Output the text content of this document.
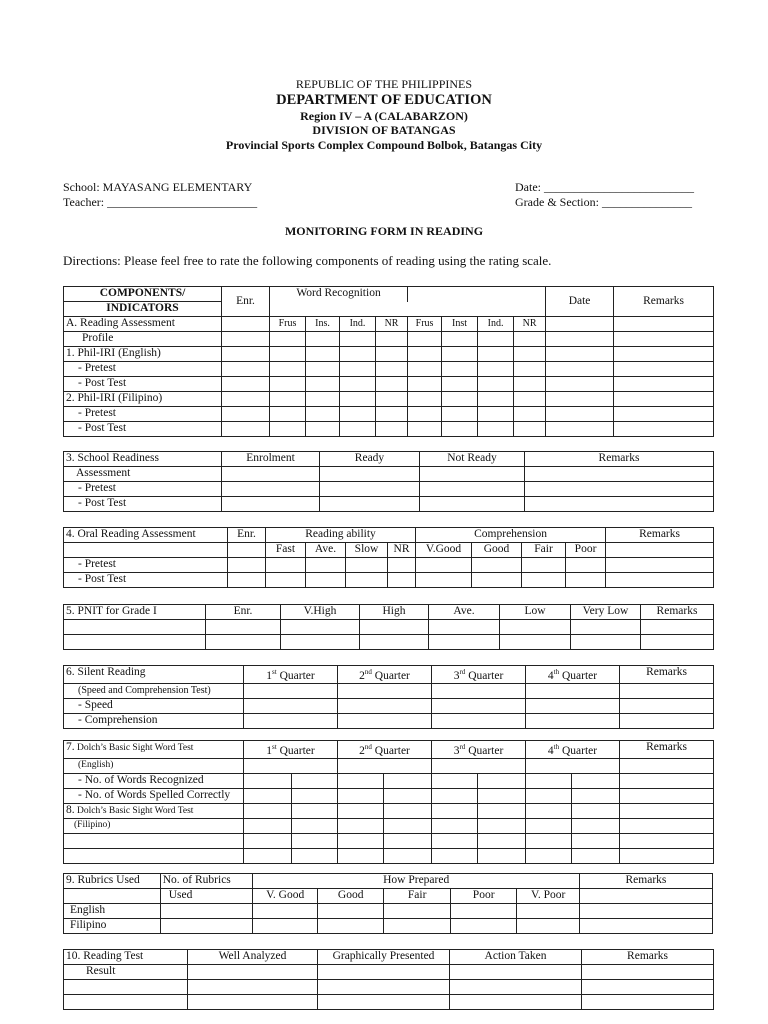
REPUBLIC OF THE PHILIPPINES
DEPARTMENT OF EDUCATION
Region IV – A (CALABARZON)
DIVISION OF BATANGAS
Provincial Sports Complex Compound Bolbok, Batangas City
School: MAYASANG ELEMENTARY
Teacher: _________________________
Date: _________________________
Grade & Section: _______________
MONITORING FORM IN READING
Directions: Please feel free to rate the following components of reading using the rating scale.
COMPONENTS/	Enr.	Word Recognition								Date	Remarks
INDICATORS											
A. Reading Assessment		Frus	Ins.	Ind.	NR	Frus	Inst	Ind.	NR		
Profile											
1. Phil-IRI (English)											
- Pretest											
- Post Test											
2. Phil-IRI (Filipino)											
- Pretest											
- Post Test											
3. School Readiness	Enrolment	Ready	Not Ready	Remarks
Assessment				
- Pretest				
- Post Test				
4. Oral Reading Assessment	Enr.	Reading ability				Comprehension				Remarks
		Fast	Ave.	Slow	NR	V.Good	Good	Fair	Poor	
- Pretest										
- Post Test										
5. PNIT for Grade I	Enr.	V.High	High	Ave.	Low	Very Low	Remarks

6. Silent Reading	1st Quarter	2nd Quarter	3rd Quarter	4th Quarter	Remarks
(Speed and Comprehension Test)					
- Speed					
- Comprehension					
7. Dolch’s Basic Sight Word Test	1st Quarter		2nd Quarter		3rd Quarter		4th Quarter		Remarks
(English)									
- No. of Words Recognized									
- No. of Words Spelled Correctly									
8. Dolch’s Basic Sight Word Test									
(Filipino)									

9. Rubrics Used	No. of Rubrics	How Prepared					Remarks
	Used	V. Good	Good	Fair	Poor	V. Poor	
English							
Filipino							
10. Reading Test	Well Analyzed	Graphically Presented	Action Taken	Remarks
Result				
